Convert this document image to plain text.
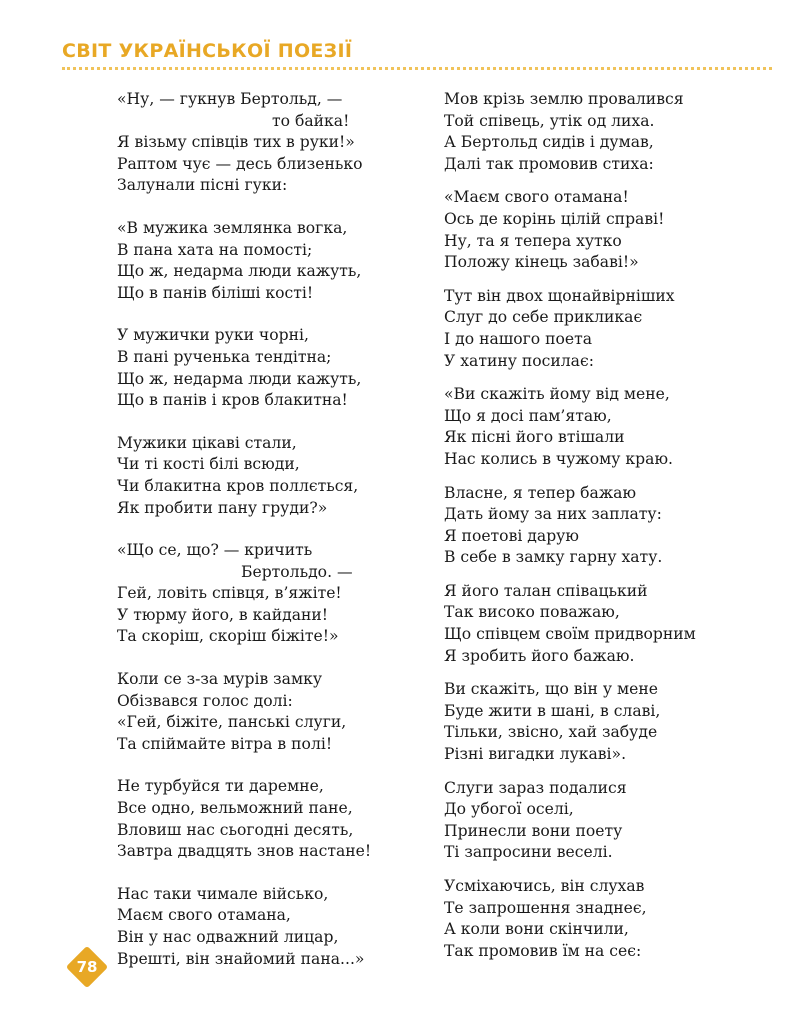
СВІТ УКРАЇНСЬКОЇ ПОЕЗІЇ
«Ну, — гукнув Бертольд, —
то байка!
Я візьму співців тих в руки!»
Раптом чує — десь близенько
Залунали пісні гуки:
«В мужика землянка вогка,
В пана хата на помості;
Що ж, недарма люди кажуть,
Що в панів біліші кості!
У мужички руки чорні,
В пані рученька тендітна;
Що ж, недарма люди кажуть,
Що в панів і кров блакитна!
Мужики цікаві стали,
Чи ті кості білі всюди,
Чи блакитна кров поллється,
Як пробити пану груди?»
«Що се, що? — кричить
Бертольдо. —
Гей, ловіть співця, в’яжіте!
У тюрму його, в кайдани!
Та скоріш, скоріш біжіте!»
Коли се з-за мурів замку
Обізвався голос долі:
«Гей, біжіте, панські слуги,
Та спіймайте вітра в полі!
Не турбуйся ти даремне,
Все одно, вельможний пане,
Вловиш нас сьогодні десять,
Завтра двадцять знов настане!
Нас таки чимале військо,
Маєм свого отамана,
Він у нас одважний лицар,
Врешті, він знайомий пана...»
Мов крізь землю провалився
Той співець, утік од лиха.
А Бертольд сидів і думав,
Далі так промовив стиха:
«Маєм свого отамана!
Ось де корінь цілій справі!
Ну, та я тепера хутко
Положу кінець забаві!»
Тут він двох щонайвірніших
Слуг до себе прикликає
І до нашого поета
У хатину посилає:
«Ви скажіть йому від мене,
Що я досі пам’ятаю,
Як пісні його втішали
Нас колись в чужому краю.
Власне, я тепер бажаю
Дать йому за них заплату:
Я поетові дарую
В себе в замку гарну хату.
Я його талан співацький
Так високо поважаю,
Що співцем своїм придворним
Я зробить його бажаю.
Ви скажіть, що він у мене
Буде жити в шані, в славі,
Тільки, звісно, хай забуде
Різні вигадки лукаві».
Слуги зараз подалися
До убогої оселі,
Принесли вони поету
Ті запросини веселі.
Усміхаючись, він слухав
Те запрошення знаднеє,
А коли вони скінчили,
Так промовив їм на сеє:
78
